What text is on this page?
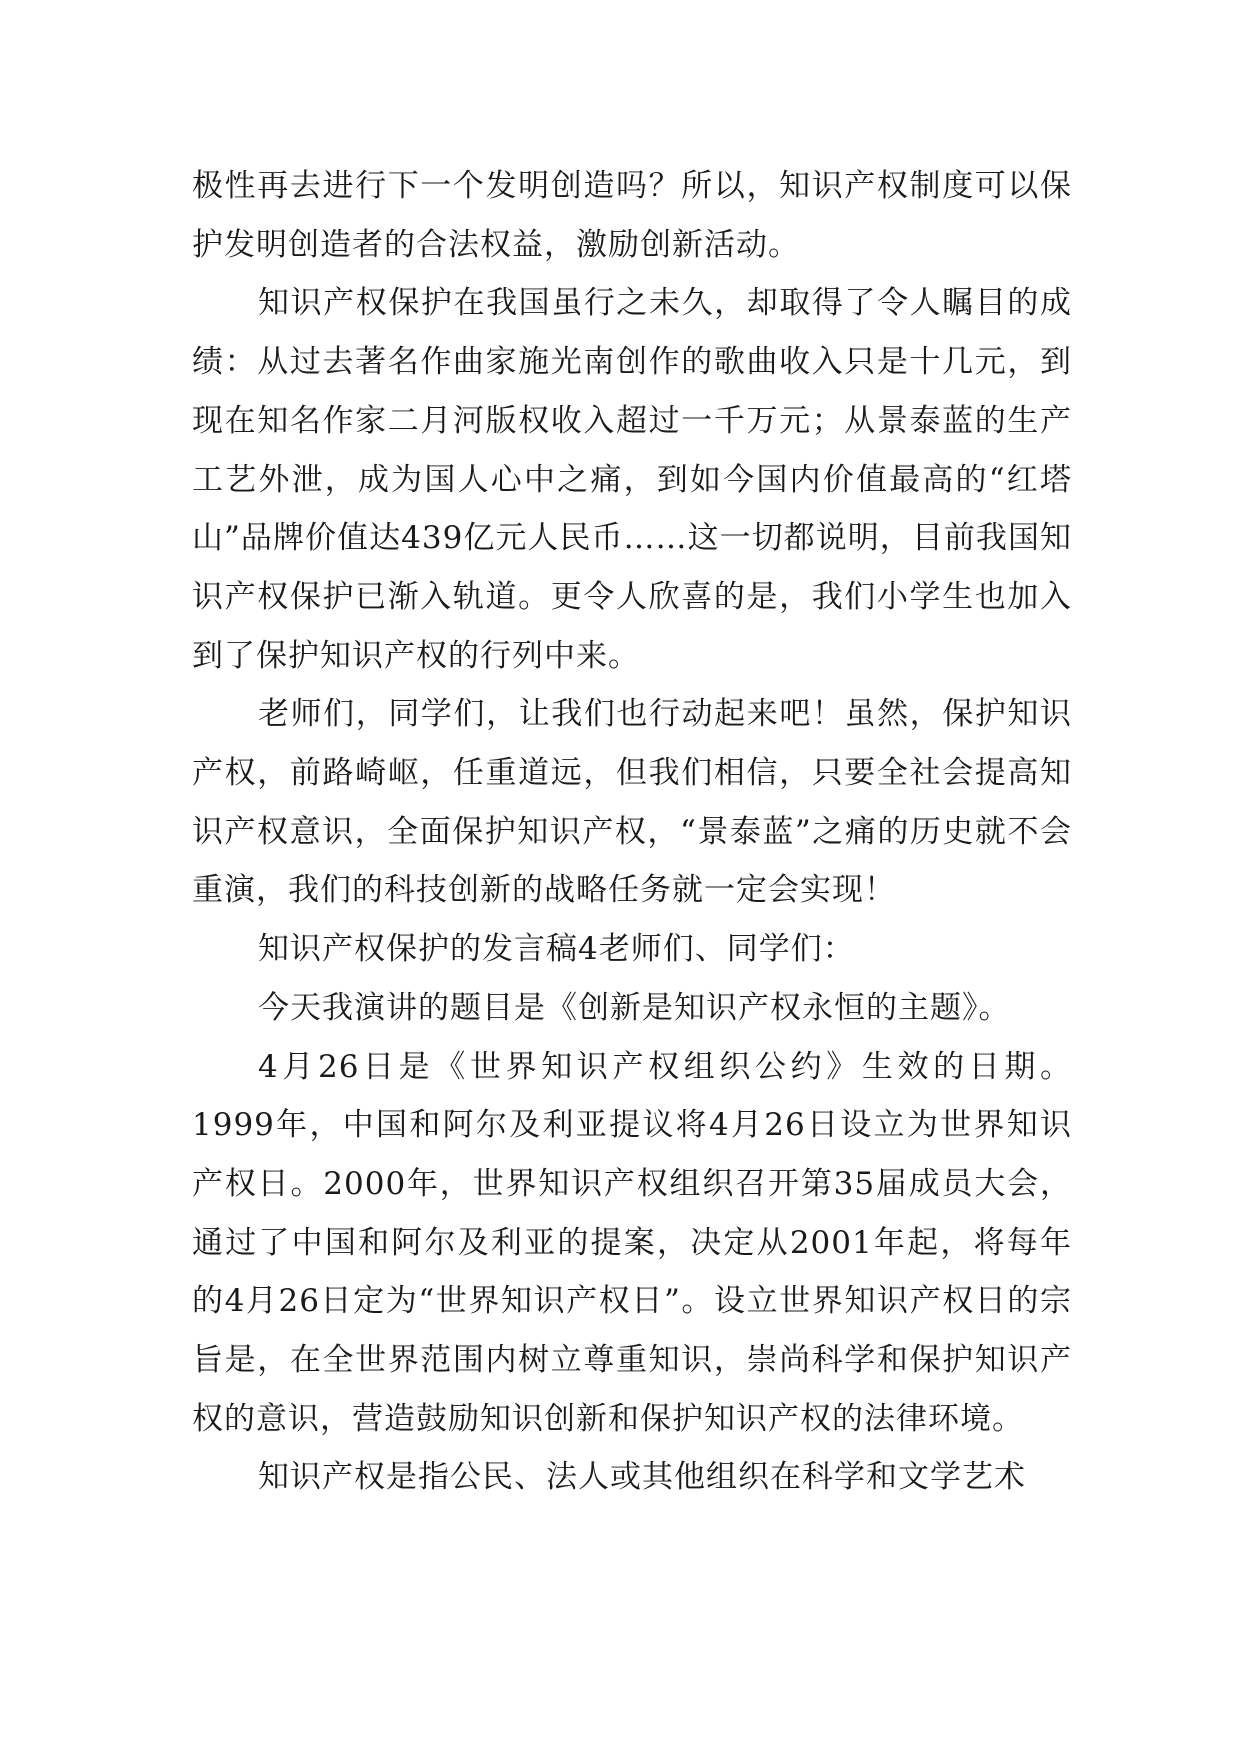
极性再去进行下一个发明创造吗？所以，知识产权制度可以保护发明创造者的合法权益，激励创新活动。

知识产权保护在我国虽行之未久，却取得了令人瞩目的成绩：从过去著名作曲家施光南创作的歌曲收入只是十几元，到现在知名作家二月河版权收入超过一千万元；从景泰蓝的生产工艺外泄，成为国人心中之痛，到如今国内价值最高的“红塔山”品牌价值达439亿元人民币……这一切都说明，目前我国知识产权保护已渐入轨道。更令人欣喜的是，我们小学生也加入到了保护知识产权的行列中来。

老师们，同学们，让我们也行动起来吧！虽然，保护知识产权，前路崎岖，任重道远，但我们相信，只要全社会提高知识产权意识，全面保护知识产权，“景泰蓝”之痛的历史就不会重演，我们的科技创新的战略任务就一定会实现！

知识产权保护的发言稿4老师们、同学们：

今天我演讲的题目是《创新是知识产权永恒的主题》。

4月26日是《世界知识产权组织公约》生效的日期。1999年，中国和阿尔及利亚提议将4月26日设立为世界知识产权日。2000年，世界知识产权组织召开第35届成员大会，通过了中国和阿尔及利亚的提案，决定从2001年起，将每年的4月26日定为“世界知识产权日”。设立世界知识产权日的宗旨是，在全世界范围内树立尊重知识，崇尚科学和保护知识产权的意识，营造鼓励知识创新和保护知识产权的法律环境。

知识产权是指公民、法人或其他组织在科学和文学艺术
